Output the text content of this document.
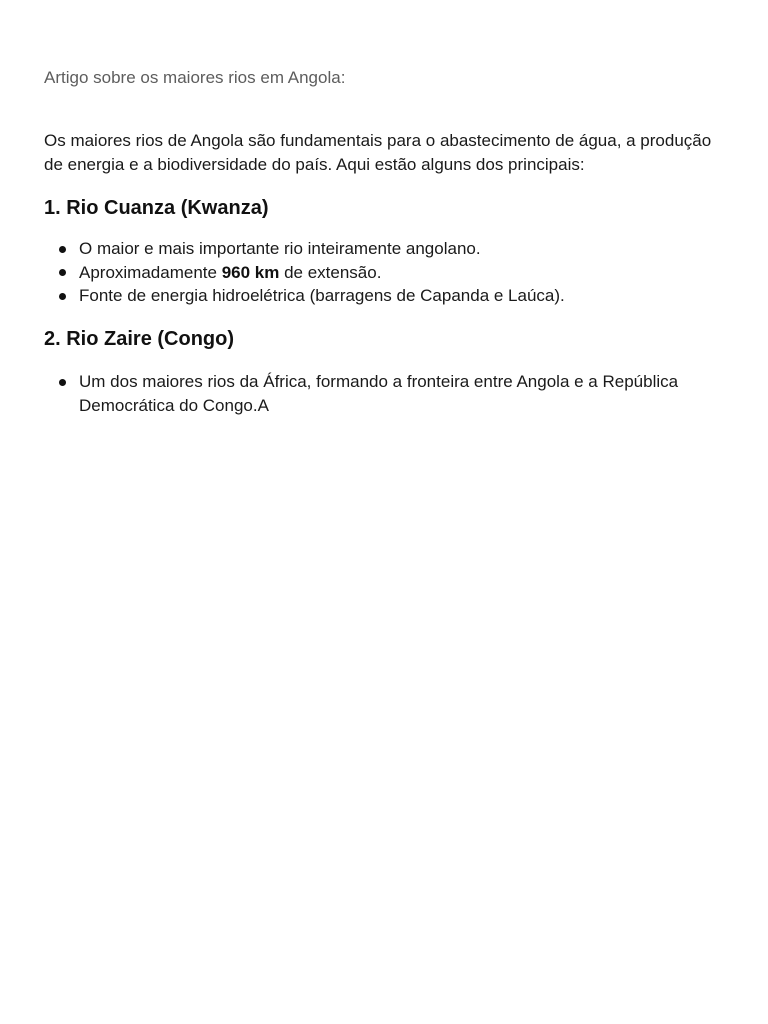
Artigo sobre os maiores rios em Angola:

Os maiores rios de Angola são fundamentais para o abastecimento de água, a produção de energia e a biodiversidade do país. Aqui estão alguns dos principais:

1. Rio Cuanza (Kwanza)
O maior e mais importante rio inteiramente angolano.
Aproximadamente 960 km de extensão.
Fonte de energia hidroelétrica (barragens de Capanda e Laúca).
2. Rio Zaire (Congo)
Um dos maiores rios da África, formando a fronteira entre Angola e a República Democrática do Congo.A
